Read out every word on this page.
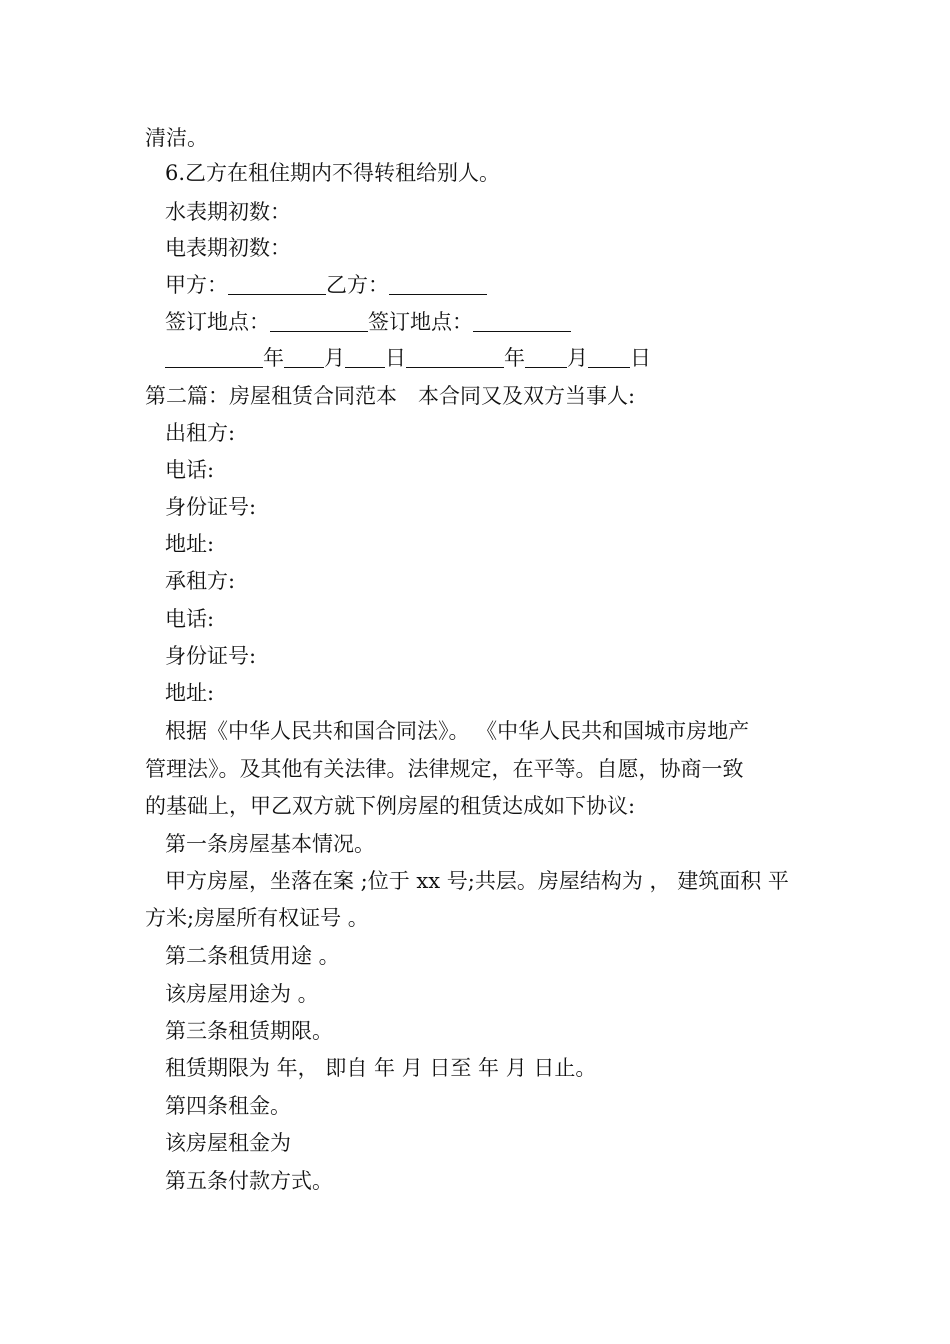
清洁。
6.乙方在租住期内不得转租给别人。
水表期初数：
电表期初数：
甲方：	乙方：
签订地点：	签订地点：
年 月 日	年 月 日
第二篇：房屋租赁合同范本　本合同又及双方当事人:
出租方:
电话:
身份证号:
地址:
承租方:
电话:
身份证号:
地址:
根据《中华人民共和国合同法》。 《中华人民共和国城市房地产
管理法》。及其他有关法律。法律规定，在平等。自愿，协商一致
的基础上，甲乙双方就下例房屋的租赁达成如下协议:
第一条房屋基本情况。
甲方房屋，坐落在案 ;位于 xx 号;共层。房屋结构为 ， 建筑面积 平
方米;房屋所有权证号 。
第二条租赁用途 。
该房屋用途为 。
第三条租赁期限。
租赁期限为 年， 即自 年 月 日至 年 月 日止。
第四条租金。
该房屋租金为
第五条付款方式。
